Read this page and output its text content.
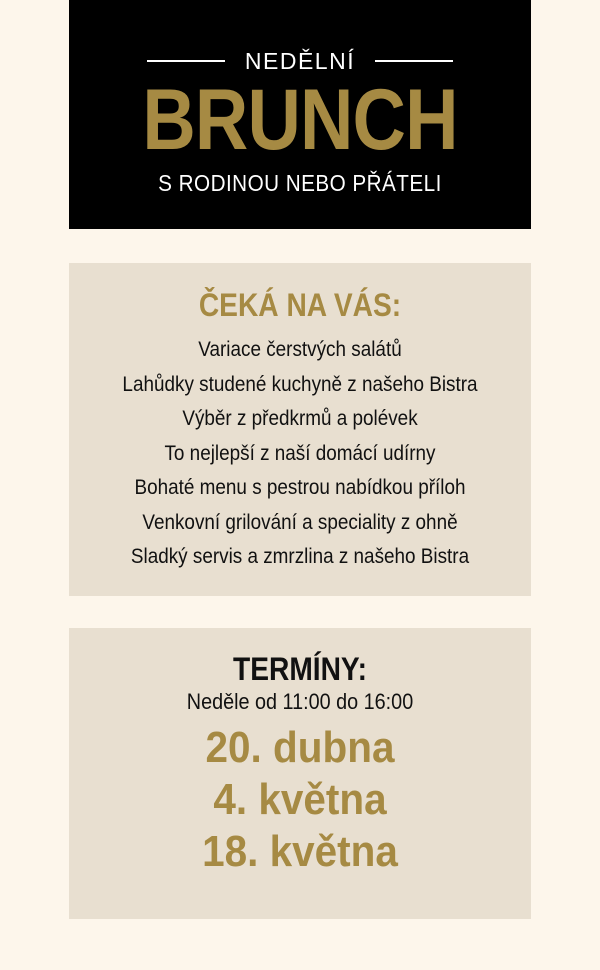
NEDĚLNÍ
BRUNCH
S RODINOU NEBO PŘÁTELI
ČEKÁ NA VÁS:
Variace čerstvých salátů
Lahůdky studené kuchyně z našeho Bistra
Výběr z předkrmů a polévek
To nejlepší z naší domácí udírny
Bohaté menu s pestrou nabídkou příloh
Venkovní grilování a speciality z ohně
Sladký servis a zmrzlina z našeho Bistra
TERMÍNY:
Neděle od 11:00 do 16:00
20. dubna
4. května
18. května
